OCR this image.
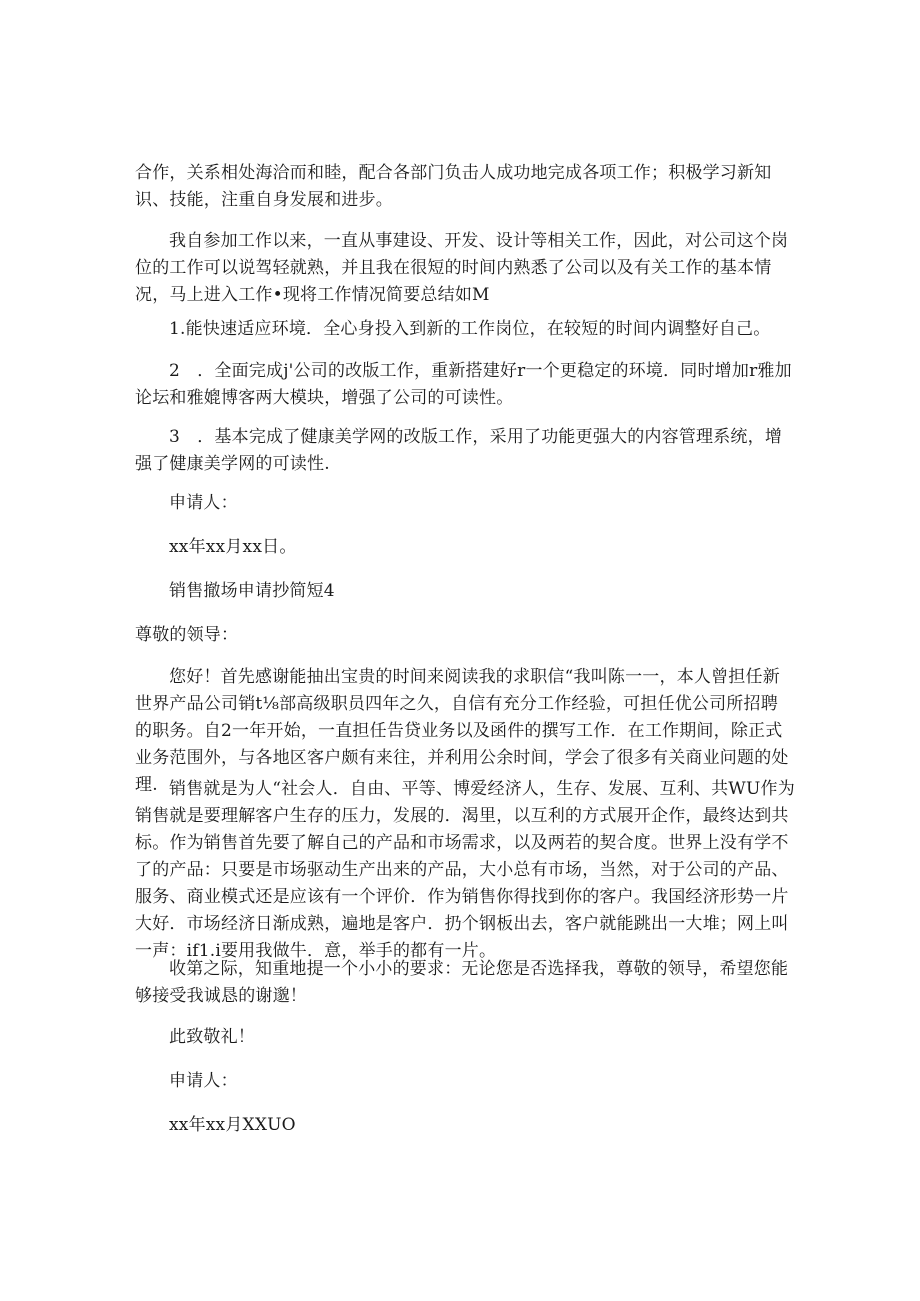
合作，关系相处海洽而和睦，配合各部门负击人成功地完成各项工作；积极学习新知识、技能，注重自身发展和进步。

我自参加工作以来，一直从事建设、开发、设计等相关工作，因此，对公司这个岗位的工作可以说驾轻就熟，并且我在很短的时间内熟悉了公司以及有关工作的基本情况，马上进入工作•现将工作情况简要总结如M

1.能快速适应环境．全心身投入到新的工作岗位，在较短的时间内调整好自己。

2　．全面完成j'公司的改版工作，重新搭建好r一个更稳定的环境．同时增加r雅加论坛和雅媲博客两大模块，增强了公司的可读性。

3　．基本完成了健康美学网的改版工作，采用了功能更强大的内容管理系统，增强了健康美学网的可读性.

申请人：

xx年xx月xx日。

销售撤场申请抄简短4

尊敬的领导：

您好！首先感谢能抽出宝贵的时间来阅读我的求职信“我叫陈一一，本人曾担任新世界产品公司销t⅛部高级职员四年之久，自信有充分工作经验，可担任优公司所招聘的职务。自2一年开始，一直担任告贷业务以及函件的撰写工作．在工作期间，除正式业务范围外，与各地区客户颇有来往，并利用公余时间，学会了很多有关商业问题的处理. 销售就是为人“社会人．自由、平等、博爱经济人，生存、发展、互利、共WU作为销售就是要理解客户生存的压力，发展的．渴里，以互利的方式展开企作，最终达到共标。作为销售首先要了解自己的产品和市场需求，以及两若的契合度。世界上没有学不了的产品：只要是市场驱动生产出来的产品，大小总有市场，当然，对于公司的产品、服务、商业模式还是应该有一个评价．作为销售你得找到你的客户。我国经济形势一片大好．市场经济日渐成熟，遍地是客户．扔个钢板出去，客户就能跳出一大堆；网上叫一声：if1.i要用我做牛．意，举手的都有一片。

收第之际，知重地提一个小小的要求：无论您是否选择我，尊敬的领导，希望您能够接受我诚恳的谢邈！

此致敬礼！

申请人：

xx年xx月XXUO
